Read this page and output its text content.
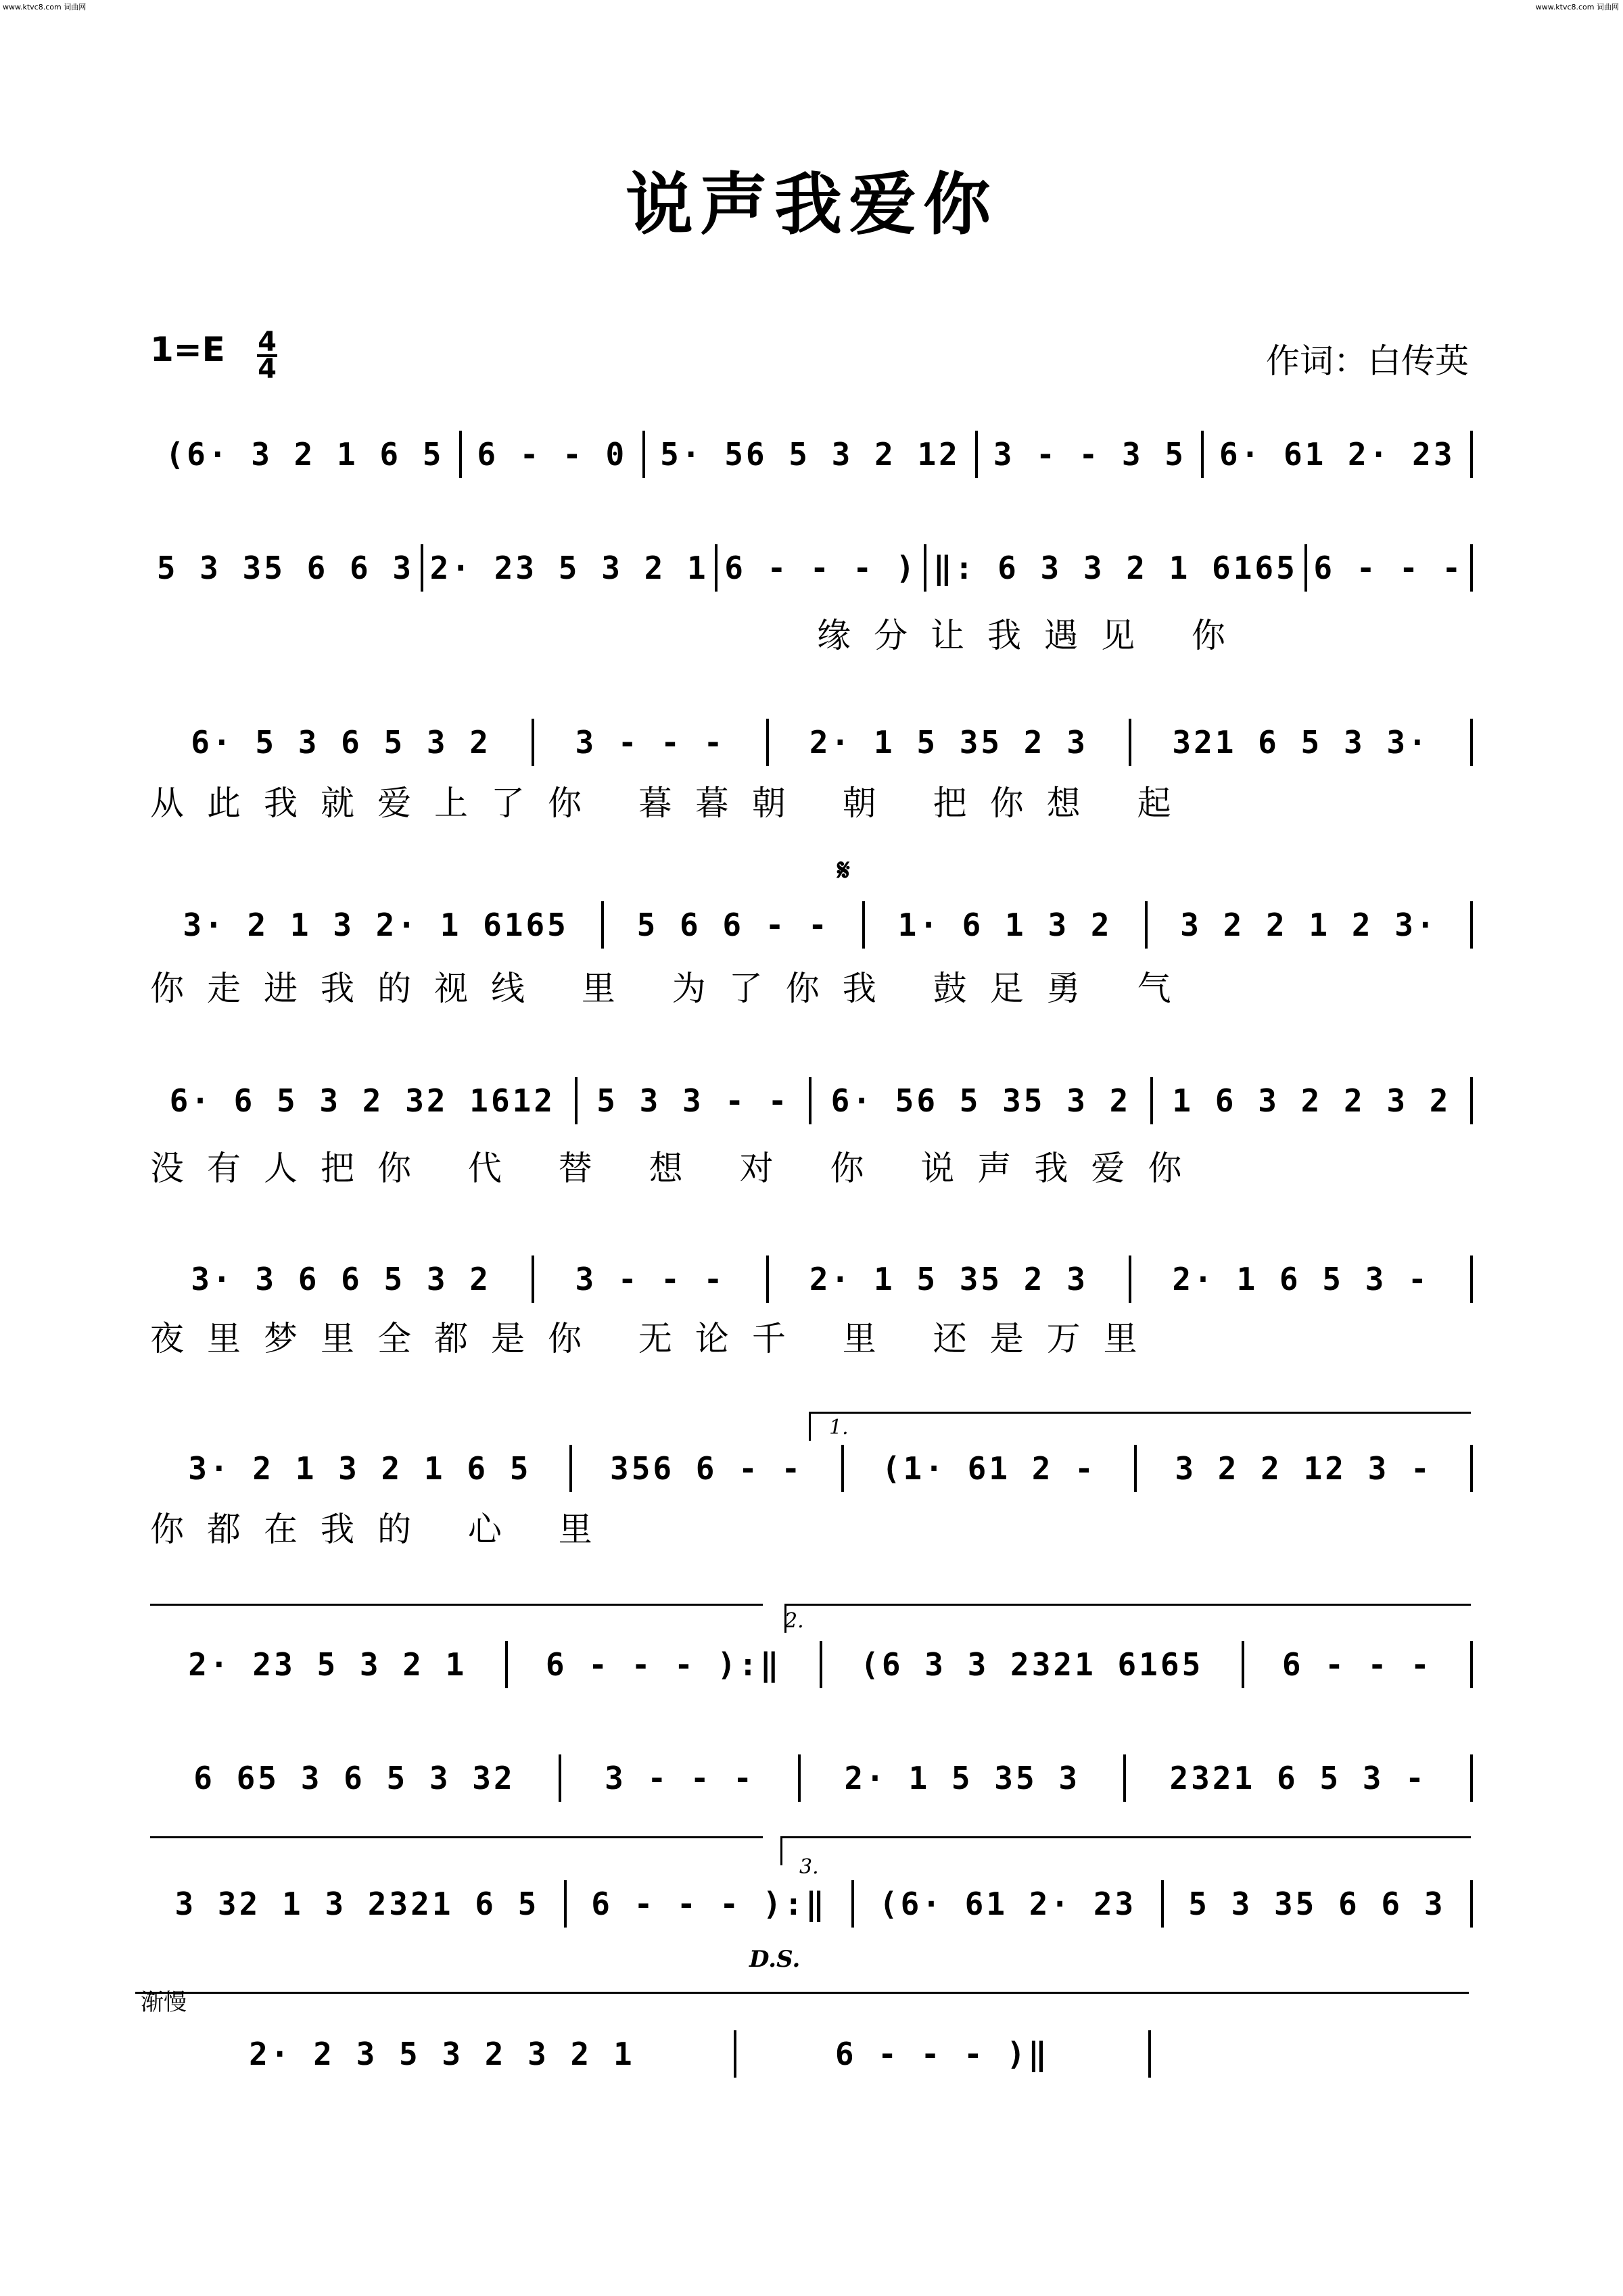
www.ktvc8.com 词曲网	www.ktvc8.com 词曲网
说声我爱你
1=E 4
4	作词：白传英
(6· 3 2 1 6 5	6 - - 0	5· 56 5 3 2 12	3 - - 3 5	6· 61 2· 23
5 3 35 6 6 3 2· 23 5 3 2 1 6 - - - ) ‖: 6 3 3 2 1 6165 6 - - -
缘分让我遇见 你
6· 5 3 6 5 3 2	3 - - -	2· 1 5 35 2 3	321 6 5 3 3·
从此我就爱上了你 暮暮朝 朝 把你想 起
3· 2 1 3 2· 1 6165	5 6 6 - -	1· 6 1 3 2	3 2 2 1 2 3·
你走进我的视线 里 为了你我 鼓足勇 气
6· 6 5 3 2 32 1612	5 3 3 - -	6· 56 5 35 3 2	1 6 3 2 2 3 2
没有人把你 代 替 想 对 你 说声我爱你
3· 3 6 6 5 3 2	3 - - -	2· 1 5 35 2 3	2· 1 6 5 3 -
夜里梦里全都是你 无论千 里 还是万里
3· 2 1 3 2 1 6 5	356 6 - -	(1· 61 2 -	3 2 2 12 3 -
你都在我的 心 里
2· 23 5 3 2 1	6 - - - ):‖	(6 3 3 2321 6165	6 - - -
6 65 3 6 5 3 32	3 - - -	2· 1 5 35 3	2321 6 5 3 -
3 32 1 3 2321 6 5	6 - - - ):‖	(6· 61 2· 23	5 3 35 6 6 3
2· 2 3 5 3 2 3 2 1	6 - - - )‖
𝄋
D.S.
渐慢
1.
2.
3.
